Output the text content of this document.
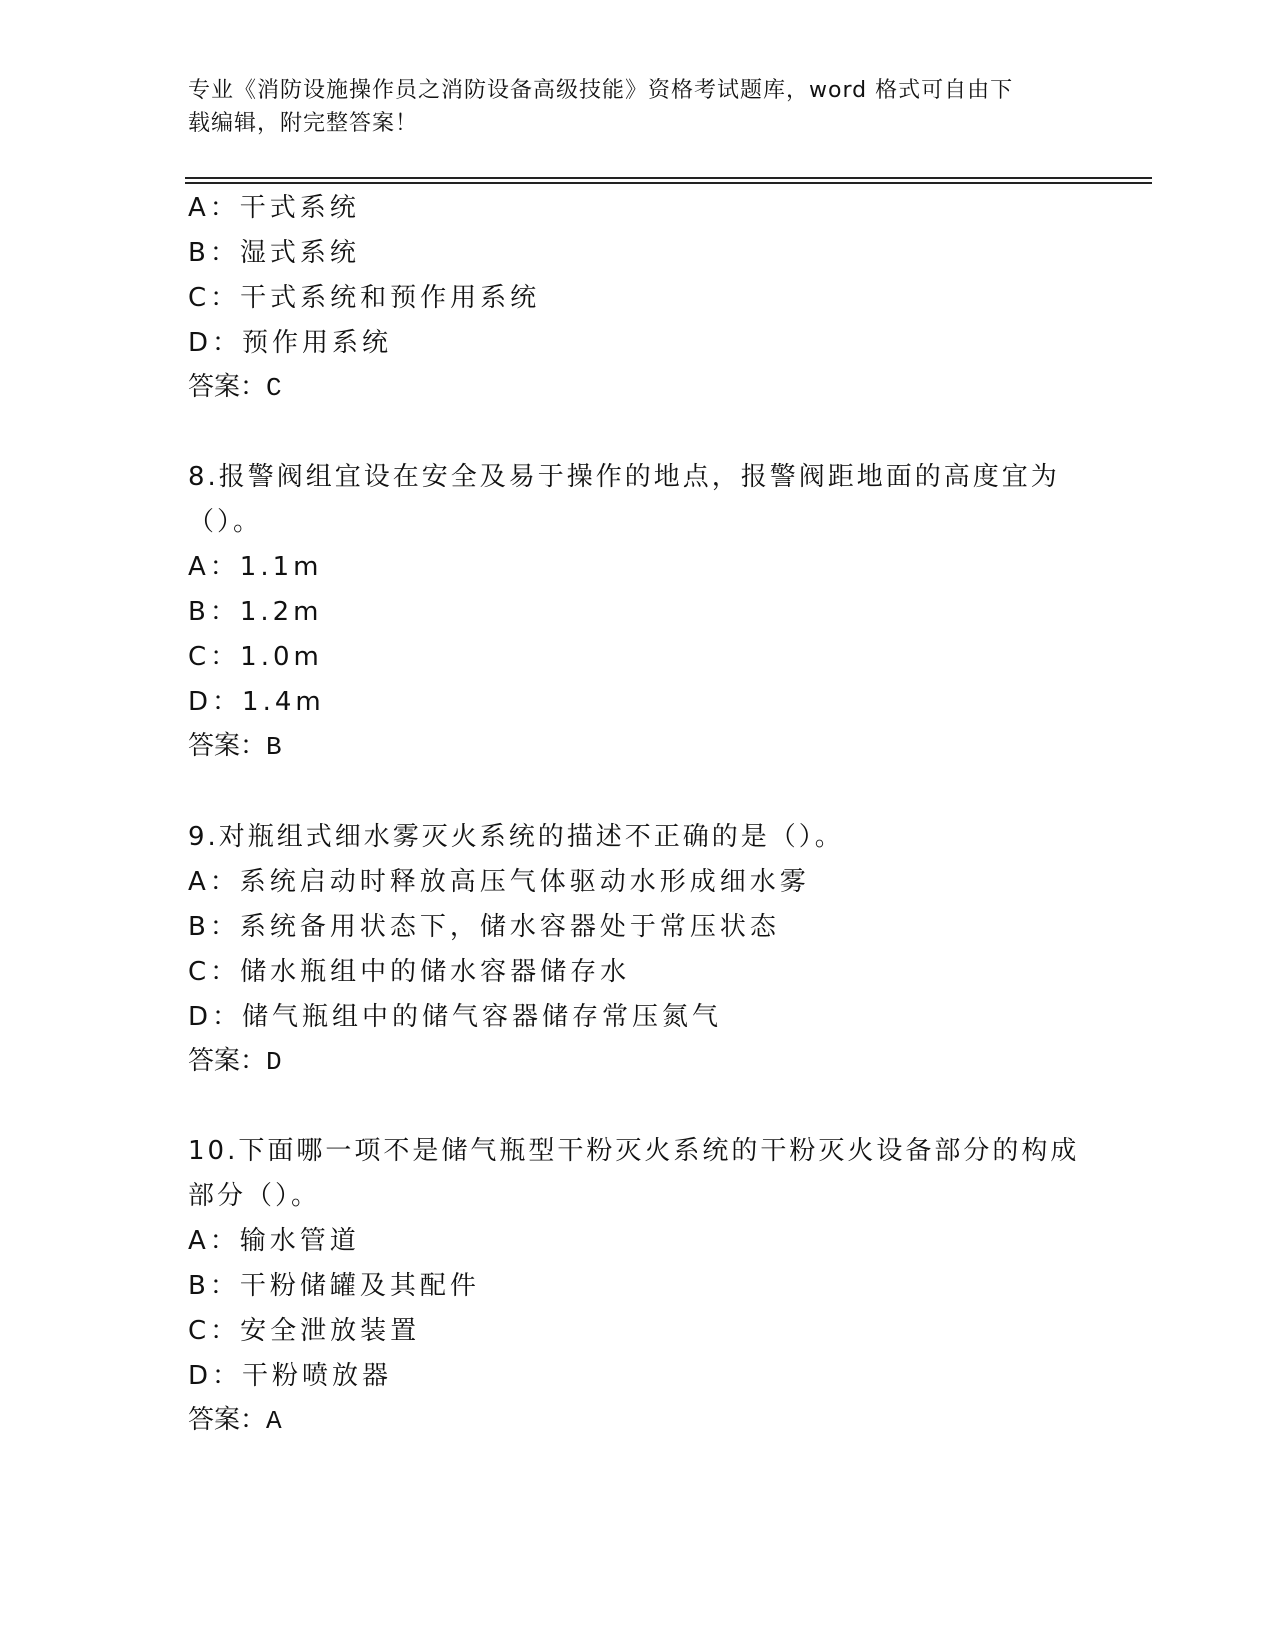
专业《消防设施操作员之消防设备高级技能》资格考试题库，word 格式可自由下
载编辑，附完整答案！
A：干式系统
B：湿式系统
C：干式系统和预作用系统
D：预作用系统
答案：C
8.报警阀组宜设在安全及易于操作的地点，报警阀距地面的高度宜为
（）。
A：1.1m
B：1.2m
C：1.0m
D：1.4m
答案：B
9.对瓶组式细水雾灭火系统的描述不正确的是（）。
A：系统启动时释放高压气体驱动水形成细水雾
B：系统备用状态下，储水容器处于常压状态
C：储水瓶组中的储水容器储存水
D：储气瓶组中的储气容器储存常压氮气
答案：D
10.下面哪一项不是储气瓶型干粉灭火系统的干粉灭火设备部分的构成
部分（）。
A：输水管道
B：干粉储罐及其配件
C：安全泄放装置
D：干粉喷放器
答案：A
